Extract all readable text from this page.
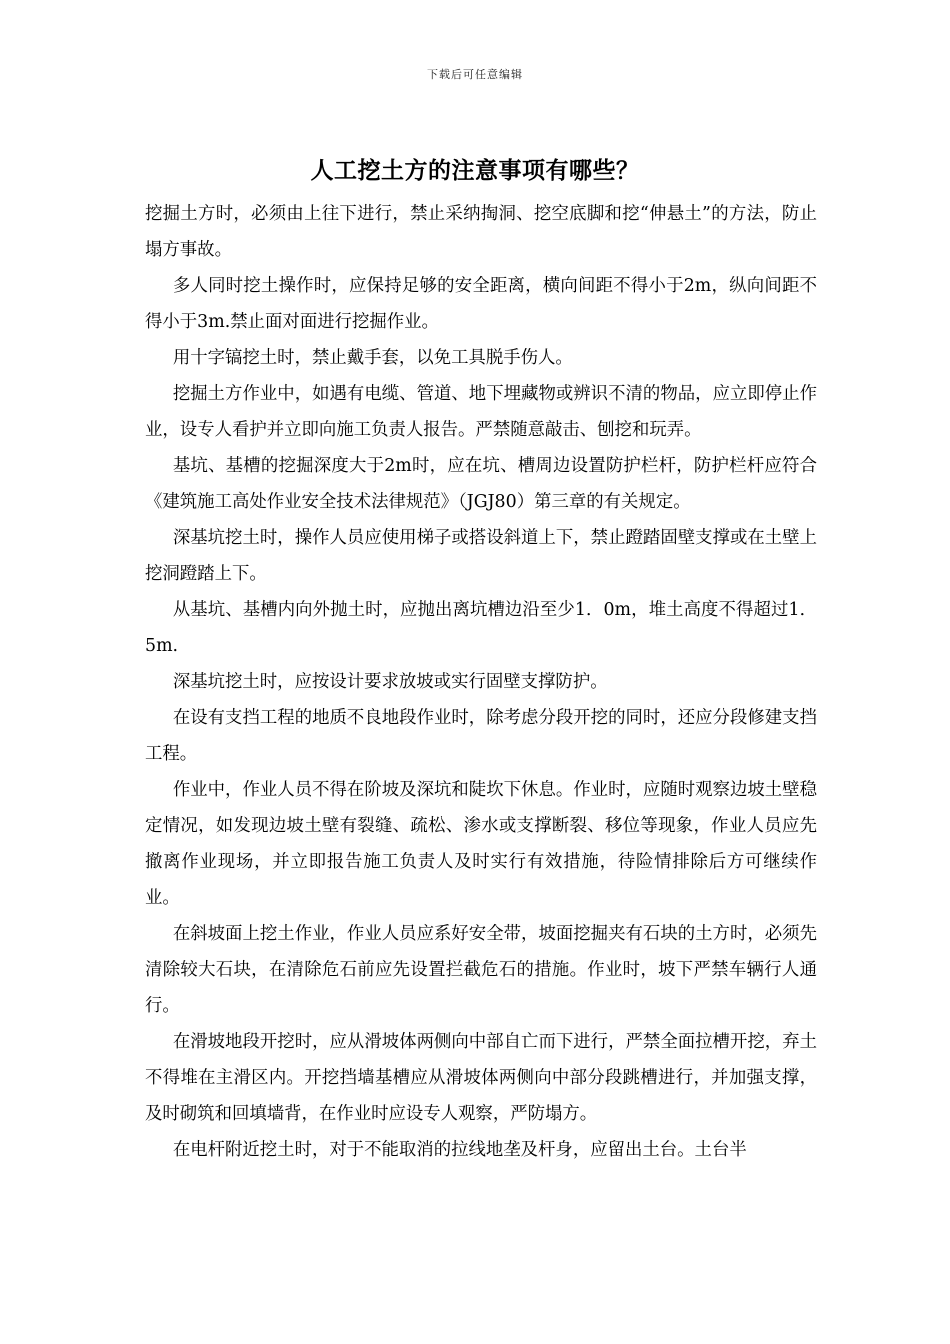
下载后可任意编辑
人工挖土方的注意事项有哪些？

挖掘土方时，必须由上往下进行，禁止采纳掏洞、挖空底脚和挖“伸悬土”的方法，防止塌方事故。

多人同时挖土操作时，应保持足够的安全距离，横向间距不得小于2m，纵向间距不得小于3m.禁止面对面进行挖掘作业。

用十字镐挖土时，禁止戴手套，以免工具脱手伤人。

挖掘土方作业中，如遇有电缆、管道、地下埋藏物或辨识不清的物品，应立即停止作业，设专人看护并立即向施工负责人报告。严禁随意敲击、刨挖和玩弄。

基坑、基槽的挖掘深度大于2m时，应在坑、槽周边设置防护栏杆，防护栏杆应符合《建筑施工高处作业安全技术法律规范》（JGJ80）第三章的有关规定。

深基坑挖土时，操作人员应使用梯子或搭设斜道上下，禁止蹬踏固壁支撑或在土壁上挖洞蹬踏上下。

从基坑、基槽内向外抛土时，应抛出离坑槽边沿至少1．0m，堆土高度不得超过1．5m.

深基坑挖土时，应按设计要求放坡或实行固壁支撑防护。

在设有支挡工程的地质不良地段作业时，除考虑分段开挖的同时，还应分段修建支挡工程。

作业中，作业人员不得在阶坡及深坑和陡坎下休息。作业时，应随时观察边坡土壁稳定情况，如发现边坡土壁有裂缝、疏松、渗水或支撑断裂、移位等现象，作业人员应先撤离作业现场，并立即报告施工负责人及时实行有效措施，待险情排除后方可继续作业。

在斜坡面上挖土作业，作业人员应系好安全带，坡面挖掘夹有石块的土方时，必须先清除较大石块，在清除危石前应先设置拦截危石的措施。作业时，坡下严禁车辆行人通行。

在滑坡地段开挖时，应从滑坡体两侧向中部自亡而下进行，严禁全面拉槽开挖，弃土不得堆在主滑区内。开挖挡墙基槽应从滑坡体两侧向中部分段跳槽进行，并加强支撑，及时砌筑和回填墙背，在作业时应设专人观察，严防塌方。

在电杆附近挖土时，对于不能取消的拉线地垄及杆身，应留出土台。土台半
